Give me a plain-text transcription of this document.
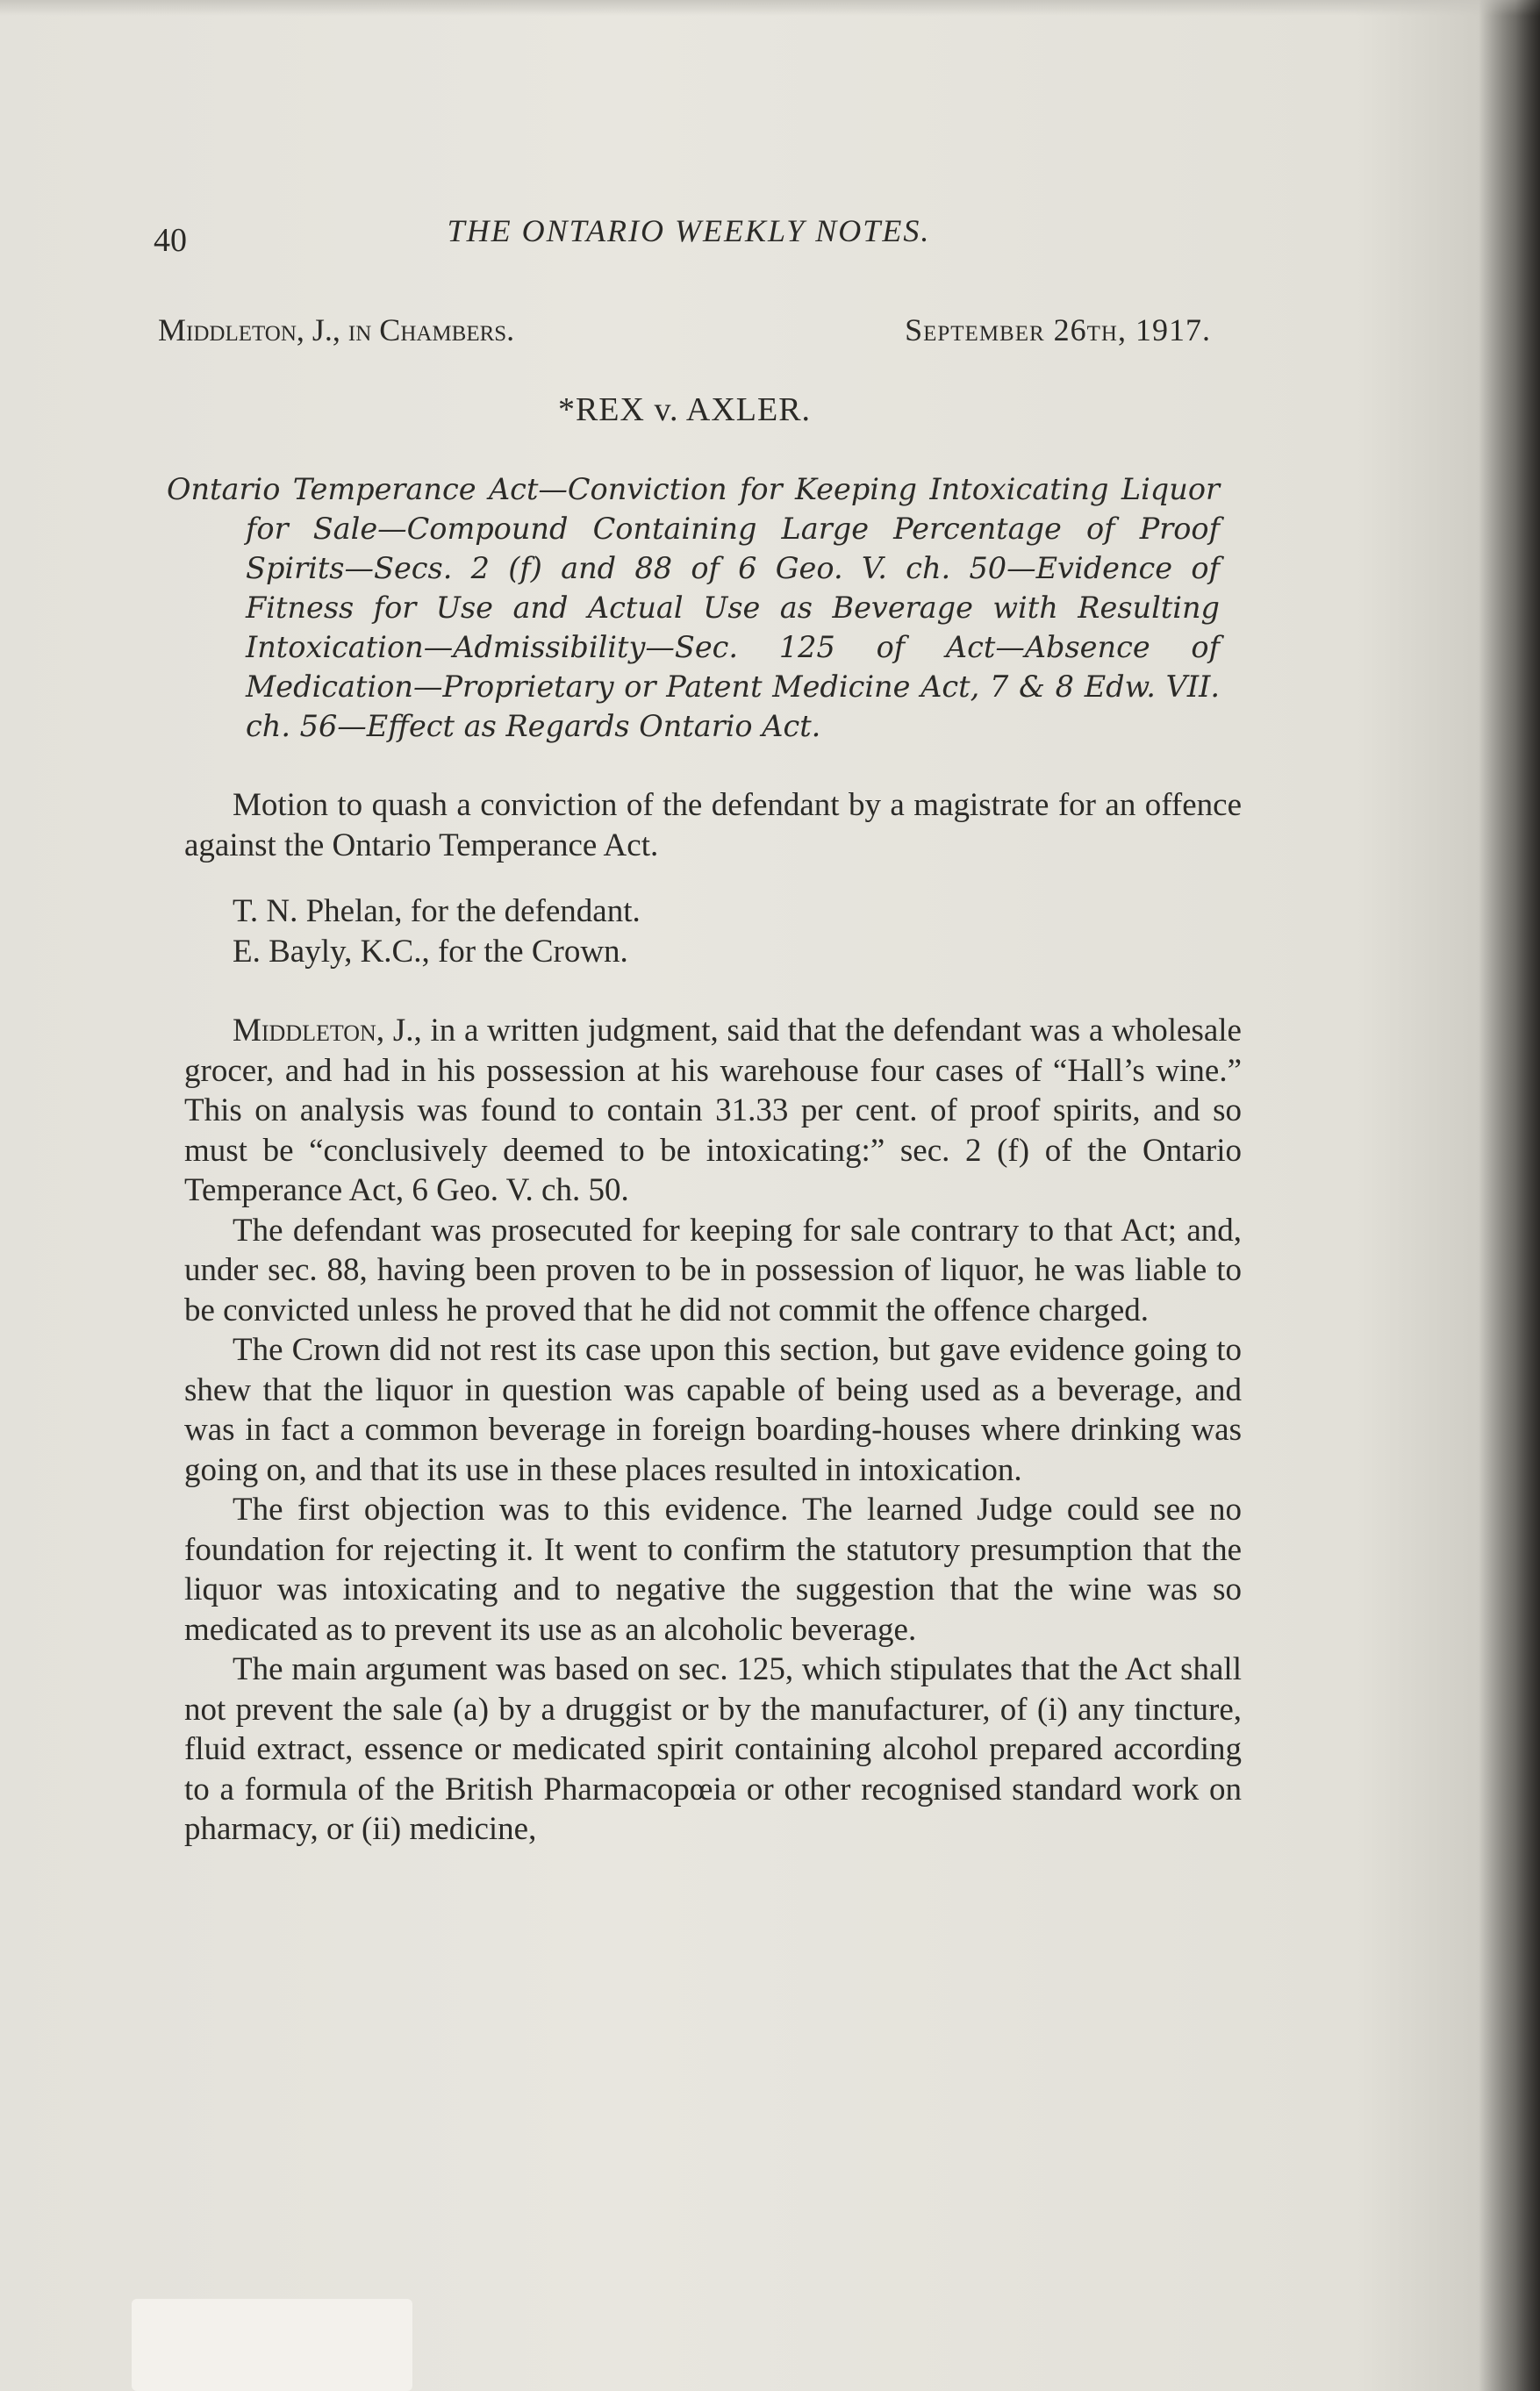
40	THE ONTARIO WEEKLY NOTES.
Middleton, J., in Chambers.	September 26th, 1917.
*REX v. AXLER.

Ontario Temperance Act—Conviction for Keeping Intoxicating Liquor for Sale—Compound Containing Large Percentage of Proof Spirits—Secs. 2 (f) and 88 of 6 Geo. V. ch. 50—Evidence of Fitness for Use and Actual Use as Beverage with Resulting Intoxication—Admissibility—Sec. 125 of Act—Absence of Medication—Proprietary or Patent Medicine Act, 7 & 8 Edw. VII. ch. 56—Effect as Regards Ontario Act.

Motion to quash a conviction of the defendant by a magistrate for an offence against the Ontario Temperance Act.

T. N. Phelan, for the defendant.

E. Bayly, K.C., for the Crown.

Middleton, J., in a written judgment, said that the defendant was a wholesale grocer, and had in his possession at his warehouse four cases of “Hall’s wine.” This on analysis was found to contain 31.33 per cent. of proof spirits, and so must be “conclusively deemed to be intoxicating:” sec. 2 (f) of the Ontario Temperance Act, 6 Geo. V. ch. 50.

The defendant was prosecuted for keeping for sale contrary to that Act; and, under sec. 88, having been proven to be in possession of liquor, he was liable to be convicted unless he proved that he did not commit the offence charged.

The Crown did not rest its case upon this section, but gave evidence going to shew that the liquor in question was capable of being used as a beverage, and was in fact a common beverage in foreign boarding-houses where drinking was going on, and that its use in these places resulted in intoxication.

The first objection was to this evidence. The learned Judge could see no foundation for rejecting it. It went to confirm the statutory presumption that the liquor was intoxicating and to negative the suggestion that the wine was so medicated as to prevent its use as an alcoholic beverage.

The main argument was based on sec. 125, which stipulates that the Act shall not prevent the sale (a) by a druggist or by the manufacturer, of (i) any tincture, fluid extract, essence or medicated spirit containing alcohol prepared according to a formula of the British Pharmacopœia or other recognised standard work on pharmacy, or (ii) medicine,
